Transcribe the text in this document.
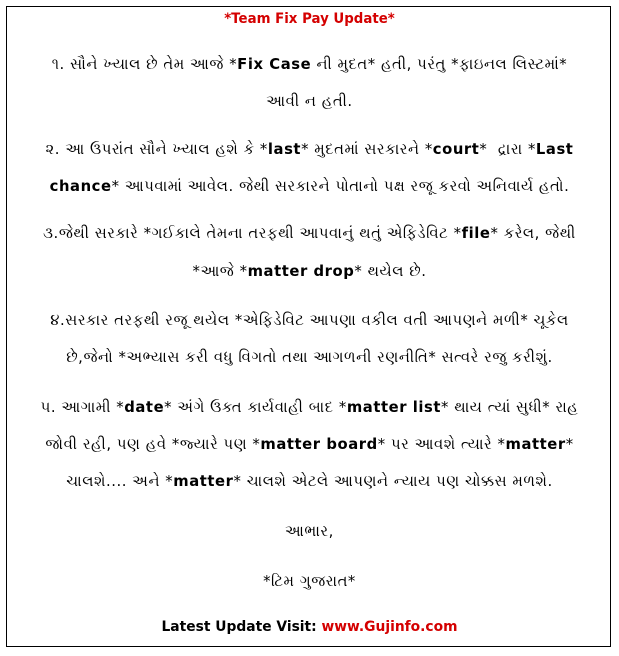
*Team Fix Pay Update*
૧. સૌને ખ્યાલ છે તેમ આજે *Fix Case ની મુદત* હતી, પરંતુ *ફાઇનલ લિસ્ટમાં*
આવી ન હતી.
૨. આ ઉપરાંત સૌને ખ્યાલ હશે કે *last* મુદતમાં સરકારને *court*  દ્રારા *Last
chance* આપવામાં આવેલ. જેથી સરકારને પોતાનો પક્ષ રજૂ કરવો અનિવાર્ય હતો.
૩.જેથી સરકારે *ગઈકાલે તેમના તરફથી આપવાનું થતું એફિડેવિટ *file* કરેલ, જેથી
*આજે *matter drop* થયેલ છે.
૪.સરકાર તરફથી રજૂ થયેલ *એફિડેવિટ આપણા વકીલ વતી આપણને મળી* ચૂકેલ
છે,જેનો *અભ્યાસ કરી વધુ વિગતો તથા આગળની રણનીતિ* સત્વરે રજુ કરીશું.
૫. આગામી *date* અંગે ઉક્ત કાર્યવાહી બાદ *matter list* થાય ત્યાં સુધી* રાહ
જોવી રહી, પણ હવે *જ્યારે પણ *matter board* પર આવશે ત્યારે *matter*
ચાલશે.... અને *matter* ચાલશે એટલે આપણને ન્યાય પણ ચોક્કસ મળશે.
આભાર,
*ટિમ ગુજરાત*
Latest Update Visit: www.Gujinfo.com
